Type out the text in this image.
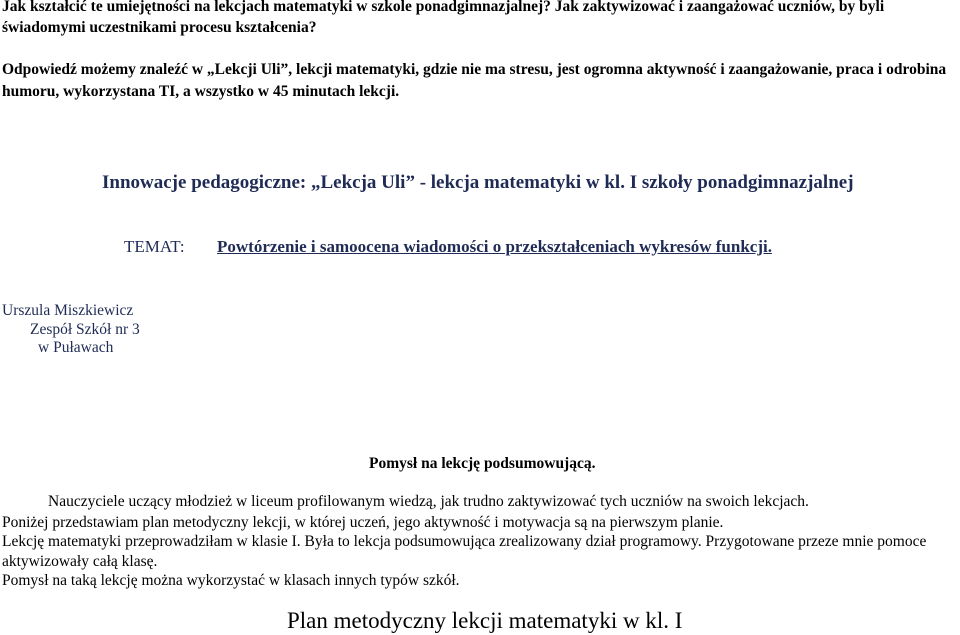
Jak kształcić te umiejętności na lekcjach matematyki w szkole ponadgimnazjalnej? Jak zaktywizować i zaangażować uczniów, by byli świadomymi uczestnikami procesu kształcenia?

Odpowiedź możemy znaleźć w „Lekcji Uli”, lekcji matematyki, gdzie nie ma stresu, jest ogromna aktywność i zaangażowanie, praca i odrobina humoru, wykorzystana TI, a wszystko w 45 minutach lekcji.

Innowacje pedagogiczne: „Lekcja Uli” - lekcja matematyki w kl. I szkoły ponadgimnazjalnej
TEMAT: Powtórzenie i samoocena wiadomości o przekształceniach wykresów funkcji.
Urszula Miszkiewicz
Zespół Szkół nr 3
w Puławach
Pomysł na lekcję podsumowującą.
Nauczyciele uczący młodzież w liceum profilowanym wiedzą, jak trudno zaktywizować tych uczniów na swoich lekcjach.
Poniżej przedstawiam plan metodyczny lekcji, w której uczeń, jego aktywność i motywacja są na pierwszym planie.

Lekcję matematyki przeprowadziłam w klasie I. Była to lekcja podsumowująca zrealizowany dział programowy. Przygotowane przeze mnie pomoce aktywizowały całą klasę.

Pomysł na taką lekcję można wykorzystać w klasach innych typów szkół.
Plan metodyczny lekcji matematyki w kl. I
